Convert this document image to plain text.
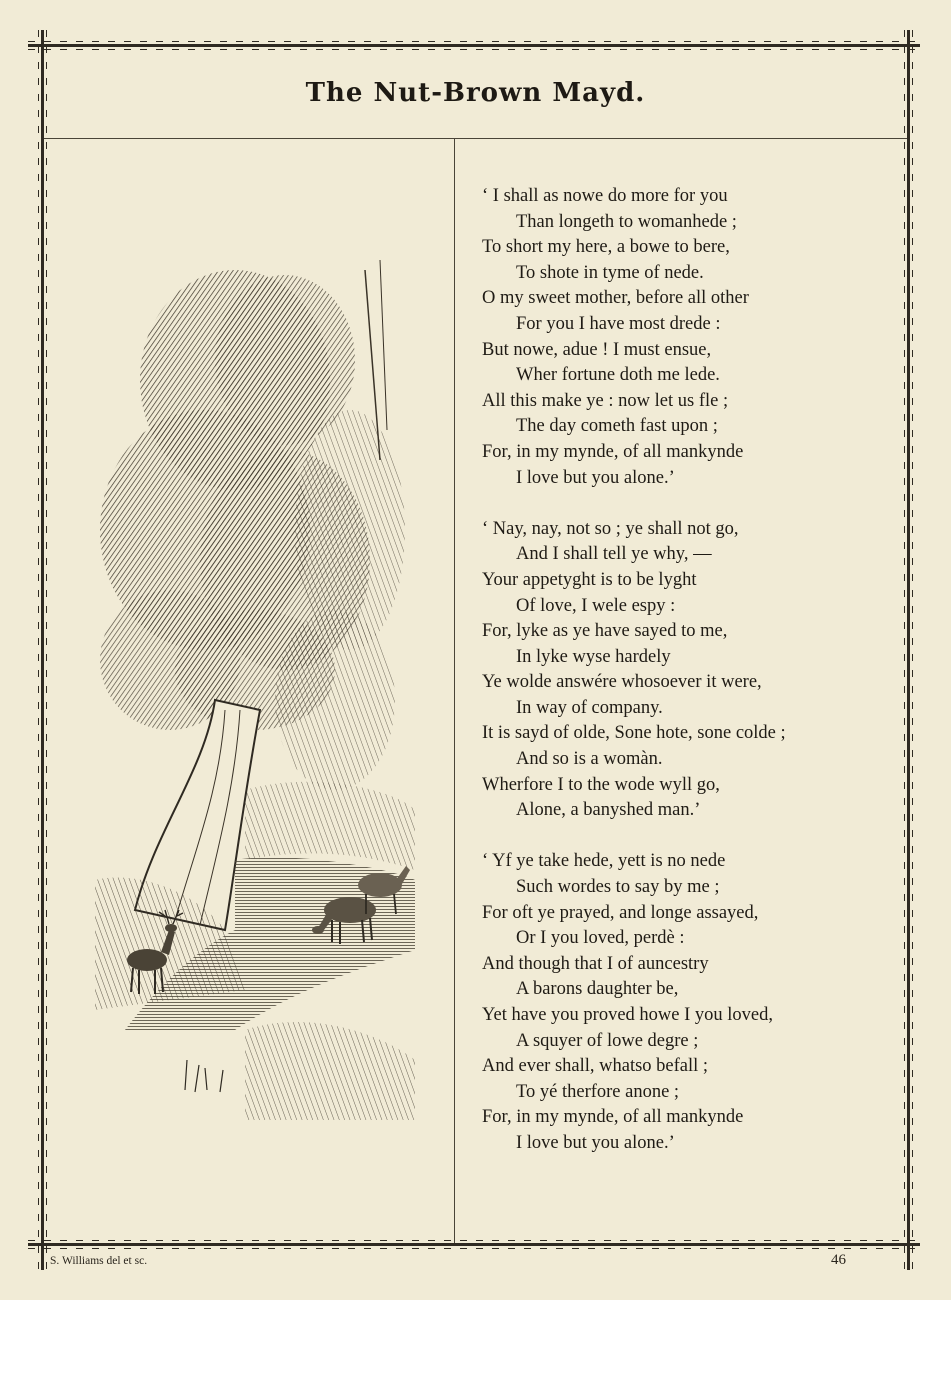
The Nut-Brown Mayd.
‘ I shall as nowe do more for you
Than longeth to womanhede ;
To short my here, a bowe to bere,
To shote in tyme of nede.
O my sweet mother, before all other
For you I have most drede :
But nowe, adue ! I must ensue,
Wher fortune doth me lede.
All this make ye : now let us fle ;
The day cometh fast upon ;
For, in my mynde, of all mankynde
I love but you alone.’
‘ Nay, nay, not so ; ye shall not go,
And I shall tell ye why, —
Your appetyght is to be lyght
Of love, I wele espy :
For, lyke as ye have sayed to me,
In lyke wyse hardely
Ye wolde answére whosoever it were,
In way of company.
It is sayd of olde, Sone hote, sone colde ;
And so is a womàn.
Wherfore I to the wode wyll go,
Alone, a banyshed man.’
‘ Yf ye take hede, yett is no nede
Such wordes to say by me ;
For oft ye prayed, and longe assayed,
Or I you loved, perdè :
And though that I of auncestry
A barons daughter be,
Yet have you proved howe I you loved,
A squyer of lowe degre ;
And ever shall, whatso befall ;
To yé therfore anone ;
For, in my mynde, of all mankynde
I love but you alone.’
S. Williams del et sc.	46
